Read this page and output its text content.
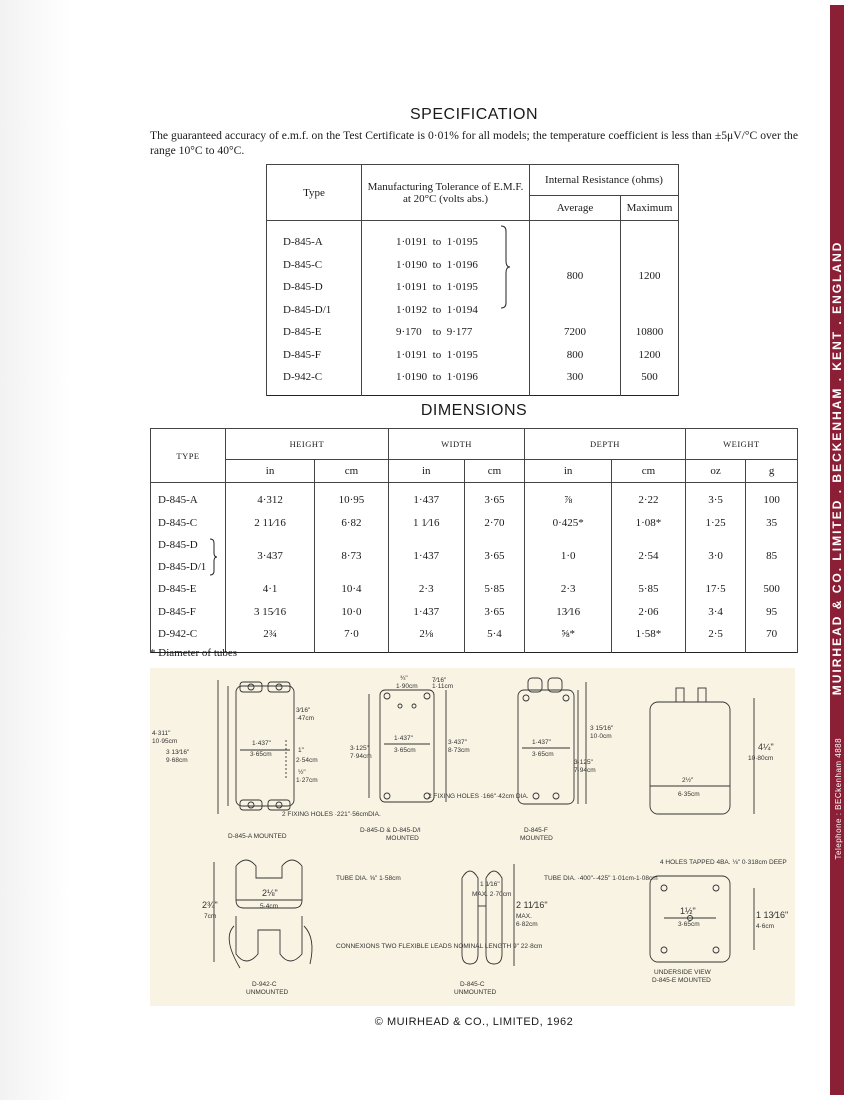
Telephone : BECkenham 4888        MUIRHEAD & CO. LIMITED . BECKENHAM . KENT . ENGLAND
SPECIFICATION
The guaranteed accuracy of e.m.f. on the Test Certificate is 0·01% for all models; the temperature coefficient is less than ±5μV/°C over the range 10°C to 40°C.
Type	Manufacturing Tolerance of E.M.F. at 20°C (volts abs.)	Internal Resistance (ohms)	
		Average	Maximum
D-845-A	1·0191 to 1·0195	800	1200
D-845-C	1·0190 to 1·0196		
D-845-D	1·0191 to 1·0195		
D-845-D/1	1·0192 to 1·0194		
D-845-E	9·170 to 9·177	7200	10800
D-845-F	1·0191 to 1·0195	800	1200
D-942-C	1·0190 to 1·0196	300	500
DIMENSIONS
TYPE	HEIGHT		WIDTH		DEPTH		WEIGHT	
	in	cm	in	cm	in	cm	oz	g
D-845-A	4·312	10·95	1·437	3·65	⅞	2·22	3·5	100
D-845-C	2 11⁄16	6·82	1 1⁄16	2·70	0·425*	1·08*	1·25	35
D-845-D
D-845-D/1	3·437	8·73	1·437	3·65	1·0	2·54	3·0	85
D-845-E	4·1	10·4	2·3	5·85	2·3	5·85	17·5	500
D-845-F	3 15⁄16	10·0	1·437	3·65	13⁄16	2·06	3·4	95
D-942-C	2¾	7·0	2⅛	5·4	⅝*	1·58*	2·5	70
* Diameter of tubes
4·311"
10·95cm
3 13⁄16"
9·68cm
1·437"
3·65cm
3⁄16"
·47cm
1"
2·54cm
½"
1·27cm
2 FIXING HOLES ·221"·56cmDIA.
D-845-A MOUNTED
¾"
1·90cm
7⁄16"
1·11cm
3·125"
7·94cm
1·437"
3·65cm
3·437"
8·73cm
2 FIXING HOLES ·166"·42cm DIA.
D-845-D & D-845-D/I
MOUNTED
1·437"
3·65cm
3·125"
7·94cm
3 15⁄16"
10·0cm
D-845-F
MOUNTED
4¼"
10·80cm
2½"
6·35cm
2¾"
7cm
2⅛"
5·4cm
TUBE DIA. ⅝" 1·58cm
CONNEXIONS TWO FLEXIBLE LEADS NOMINAL LENGTH 9" 22·8cm
D-942-C
UNMOUNTED
1 1⁄16"
MAX. 2·70cm
2 11⁄16"
MAX.
6·82cm
TUBE DIA. ·400"-·425" 1·01cm-1·08cm
D-845-C
UNMOUNTED
4 HOLES TAPPED 4BA. ⅛" 0·318cm DEEP
1½"
3·65cm
1 13⁄16"
4·6cm
UNDERSIDE VIEW
D-845-E MOUNTED
© MUIRHEAD & CO., LIMITED, 1962
